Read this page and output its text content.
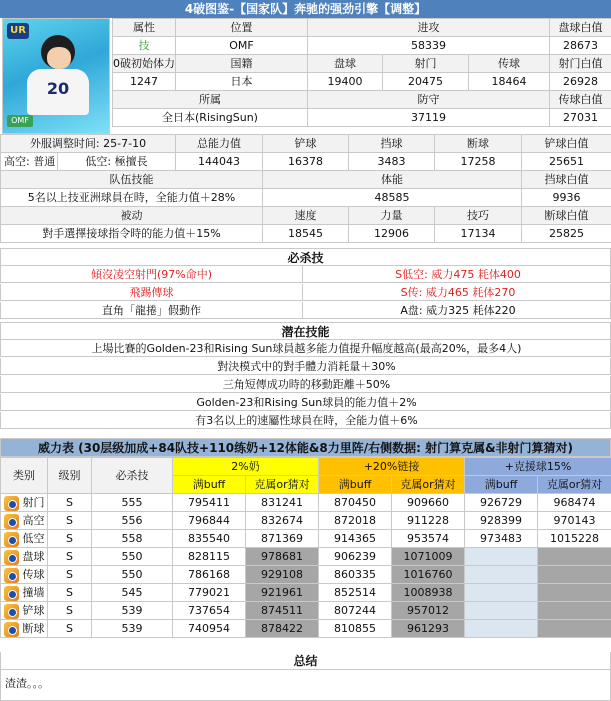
4破图鉴-【国家队】奔驰的强劲引擎【调整】
UR
20
OMF
属性	位置	进攻			盘球白值
技	OMF	58339			28673
0破初始体力	国籍	盘球	射门	传球	射门白值
1247	日本	19400	20475	18464	26928
所属		防守			传球白值
全日本(RisingSun)		37119			27031
外服调整时间: 25-7-10		总能力值	铲球	挡球	断球	铲球白值
高空: 普通	低空: 極擅長	144043	16378	3483	17258	25651
队伍技能			体能			挡球白值
5名以上技亚洲球員在時，全能力值＋28%			48585			9936
被动			速度	力量	技巧	断球白值
對手選擇接球指令時的能力值＋15%			18545	12906	17134	25825
必杀技
傾沒凌空射門(97%命中)	S低空: 威力475 耗体400
飛踢傳球	S传: 威力465 耗体270
直角「龍捲」假動作	A盘: 威力325 耗体220
潜在技能
上場比賽的Golden-23和Rising Sun球員越多能力值提升幅度越高(最高20%，最多4人)
對決模式中的對手體力消耗量＋30%
三角短傳成功時的移動距離＋50%
Golden-23和Rising Sun球員的能力值＋2%
有3名以上的速屬性球員在時，全能力值＋6%
威力表 (30层级加成+84队技+110练奶+12体能&8力里阵/右侧数据: 射门算克属&非射门算猜对)
类别	级别	必杀技	2%奶		+20%链接		+克援球15%	
			满buff	克属or猜对	满buff	克属or猜对	满buff	克属or猜对

射门	S	555	795411	831241	870450	909660	926729	968474

高空	S	556	796844	832674	872018	911228	928399	970143

低空	S	558	835540	871369	914365	953574	973483	1015228

盘球	S	550	828115	978681	906239	1071009		

传球	S	550	786168	929108	860335	1016760		

撞墙	S	545	779021	921961	852514	1008938		

铲球	S	539	737654	874511	807244	957012		

断球	S	539	740954	878422	810855	961293		
总结
渣渣。。。
